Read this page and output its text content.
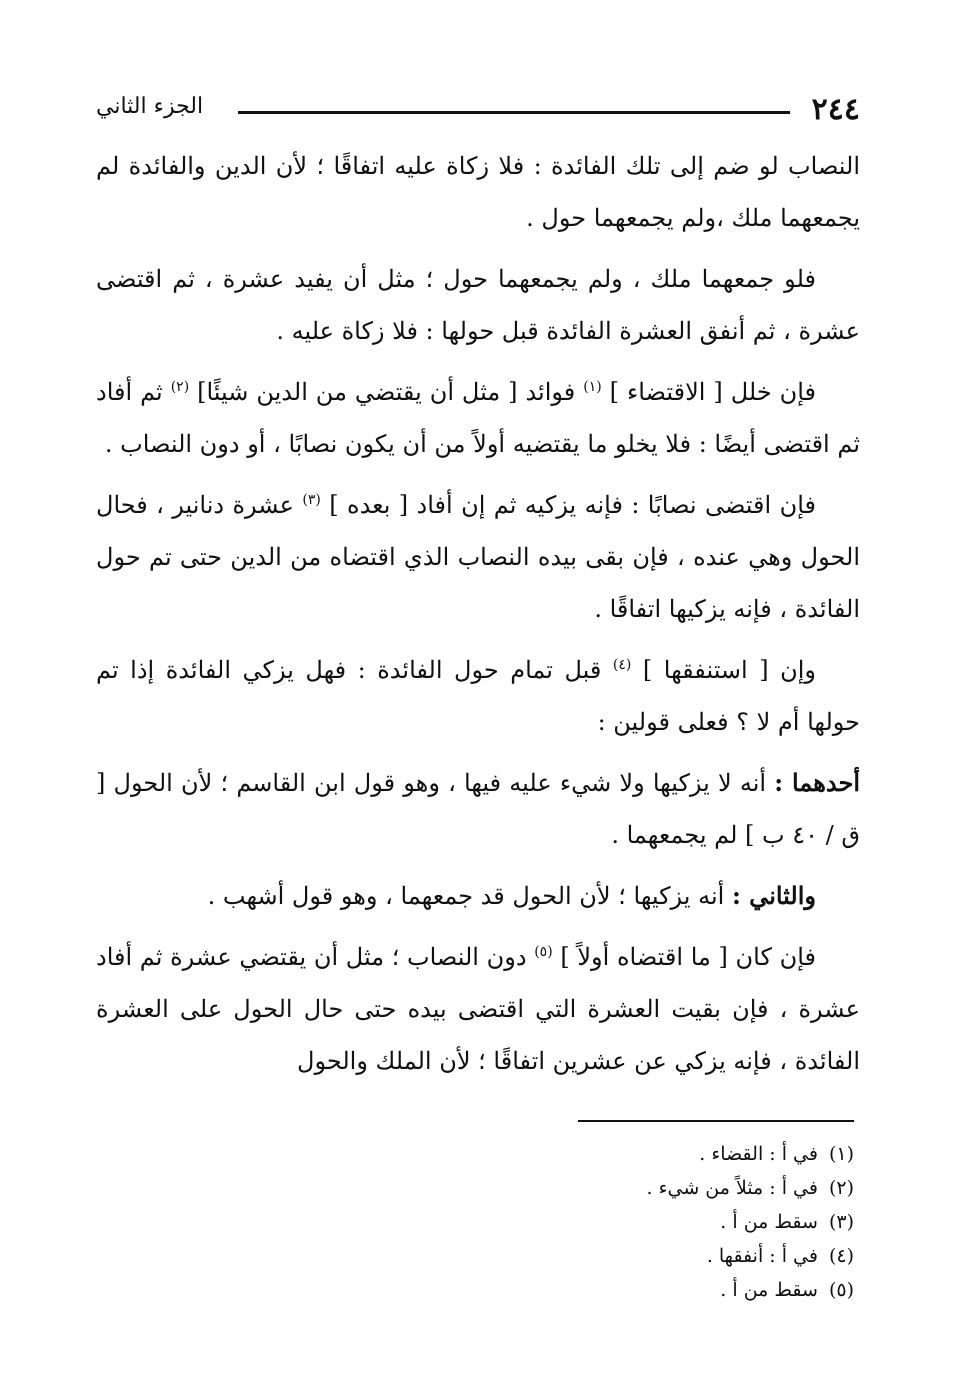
٢٤٤
الجزء الثاني

النصاب لو ضم إلى تلك الفائدة : فلا زكاة عليه اتفاقًا ؛ لأن الدين والفائدة لم يجمعهما ملك ،ولم يجمعهما حول .

فلو جمعهما ملك ، ولم يجمعهما حول ؛ مثل أن يفيد عشرة ، ثم اقتضى عشرة ، ثم أنفق العشرة الفائدة قبل حولها : فلا زكاة عليه .

فإن خلل [ الاقتضاء ] $^{(١)}$ فوائد [ مثل أن يقتضي من الدين شيئًا] $^{(٢)}$ ثم أفاد ثم اقتضى أيضًا : فلا يخلو ما يقتضيه أولاً من أن يكون نصابًا ، أو دون النصاب .

فإن اقتضى نصابًا : فإنه يزكيه ثم إن أفاد [ بعده ] $^{(٣)}$ عشرة دنانير ، فحال الحول وهي عنده ، فإن بقى بيده النصاب الذي اقتضاه من الدين حتى تم حول الفائدة ، فإنه يزكيها اتفاقًا .

وإن [ استنفقها ] $^{(٤)}$ قبل تمام حول الفائدة : فهل يزكي الفائدة إذا تم حولها أم لا ؟ فعلى قولين :

أحدهما : أنه لا يزكيها ولا شيء عليه فيها ، وهو قول ابن القاسم ؛ لأن الحول [ ق / ٤٠ ب ] لم يجمعهما .

والثاني : أنه يزكيها ؛ لأن الحول قد جمعهما ، وهو قول أشهب .

فإن كان [ ما اقتضاه أولاً ] $^{(٥)}$ دون النصاب ؛ مثل أن يقتضي عشرة ثم أفاد عشرة ، فإن بقيت العشرة التي اقتضى بيده حتى حال الحول على العشرة الفائدة ، فإنه يزكي عن عشرين اتفاقًا ؛ لأن الملك والحول

(١) في أ : القضاء .

(٢) في أ : مثلاً من شيء .

(٣) سقط من أ .

(٤) في أ : أنفقها .

(٥) سقط من أ .
